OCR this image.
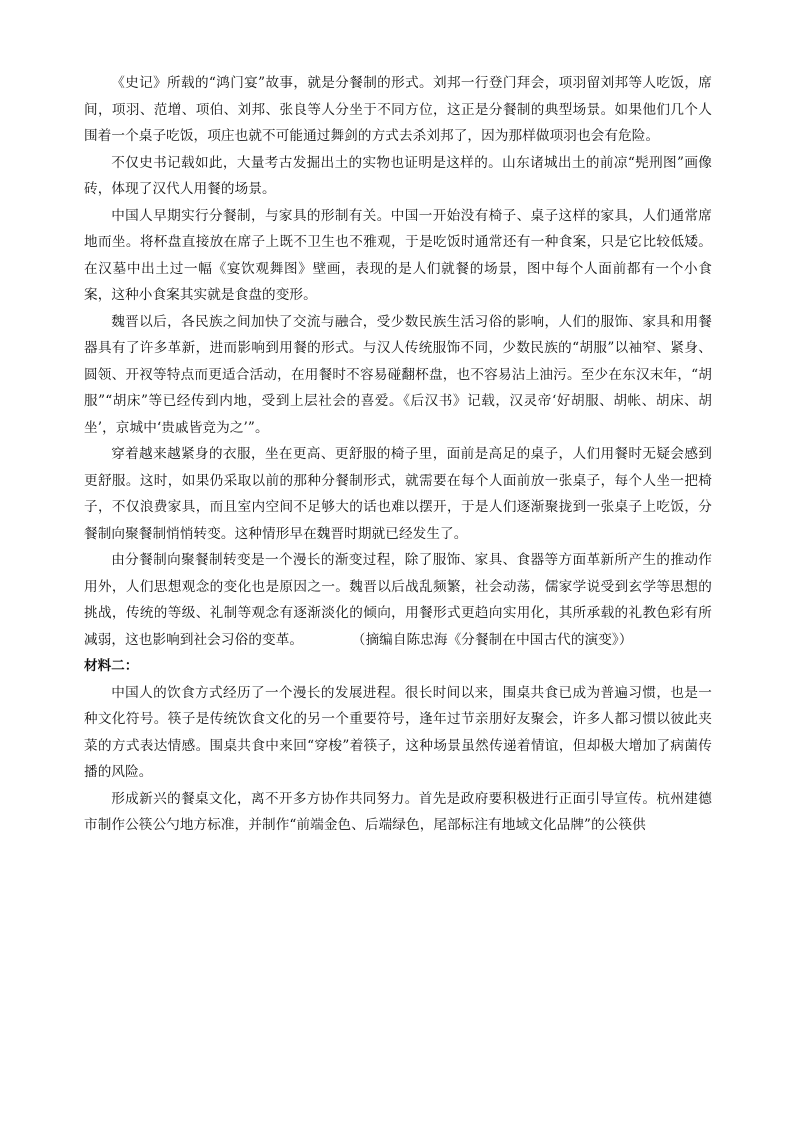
《史记》所载的“鸿门宴”故事，就是分餐制的形式。刘邦一行登门拜会，项羽留刘邦等人吃饭，席间，项羽、范增、项伯、刘邦、张良等人分坐于不同方位，这正是分餐制的典型场景。如果他们几个人围着一个桌子吃饭，项庄也就不可能通过舞剑的方式去杀刘邦了，因为那样做项羽也会有危险。

不仅史书记载如此，大量考古发掘出土的实物也证明是这样的。山东诸城出土的前凉“髡刑图”画像砖，体现了汉代人用餐的场景。

中国人早期实行分餐制，与家具的形制有关。中国一开始没有椅子、桌子这样的家具，人们通常席地而坐。将杯盘直接放在席子上既不卫生也不雅观，于是吃饭时通常还有一种食案，只是它比较低矮。在汉墓中出土过一幅《宴饮观舞图》壁画，表现的是人们就餐的场景，图中每个人面前都有一个小食案，这种小食案其实就是食盘的变形。

魏晋以后，各民族之间加快了交流与融合，受少数民族生活习俗的影响，人们的服饰、家具和用餐器具有了许多革新，进而影响到用餐的形式。与汉人传统服饰不同，少数民族的“胡服”以袖窄、紧身、圆领、开衩等特点而更适合活动，在用餐时不容易碰翻杯盘，也不容易沾上油污。至少在东汉末年，“胡服”“胡床”等已经传到内地，受到上层社会的喜爱。《后汉书》记载，汉灵帝‘好胡服、胡帐、胡床、胡坐’，京城中‘贵戚皆竞为之’”。

穿着越来越紧身的衣服，坐在更高、更舒服的椅子里，面前是高足的桌子，人们用餐时无疑会感到更舒服。这时，如果仍采取以前的那种分餐制形式，就需要在每个人面前放一张桌子，每个人坐一把椅子，不仅浪费家具，而且室内空间不足够大的话也难以摆开，于是人们逐渐聚拢到一张桌子上吃饭，分餐制向聚餐制悄悄转变。这种情形早在魏晋时期就已经发生了。

由分餐制向聚餐制转变是一个漫长的渐变过程，除了服饰、家具、食器等方面革新所产生的推动作用外，人们思想观念的变化也是原因之一。魏晋以后战乱频繁，社会动荡，儒家学说受到玄学等思想的挑战，传统的等级、礼制等观念有逐渐淡化的倾向，用餐形式更趋向实用化，其所承载的礼教色彩有所减弱，这也影响到社会习俗的变革。	（摘编自陈忠海《分餐制在中国古代的演变》）

材料二：

中国人的饮食方式经历了一个漫长的发展进程。很长时间以来，围桌共食已成为普遍习惯，也是一种文化符号。筷子是传统饮食文化的另一个重要符号，逢年过节亲朋好友聚会，许多人都习惯以彼此夹菜的方式表达情感。围桌共食中来回“穿梭”着筷子，这种场景虽然传递着情谊，但却极大增加了病菌传播的风险。

形成新兴的餐桌文化，离不开多方协作共同努力。首先是政府要积极进行正面引导宣传。杭州建德市制作公筷公勺地方标准，并制作“前端金色、后端绿色，尾部标注有地域文化品牌”的公筷供
